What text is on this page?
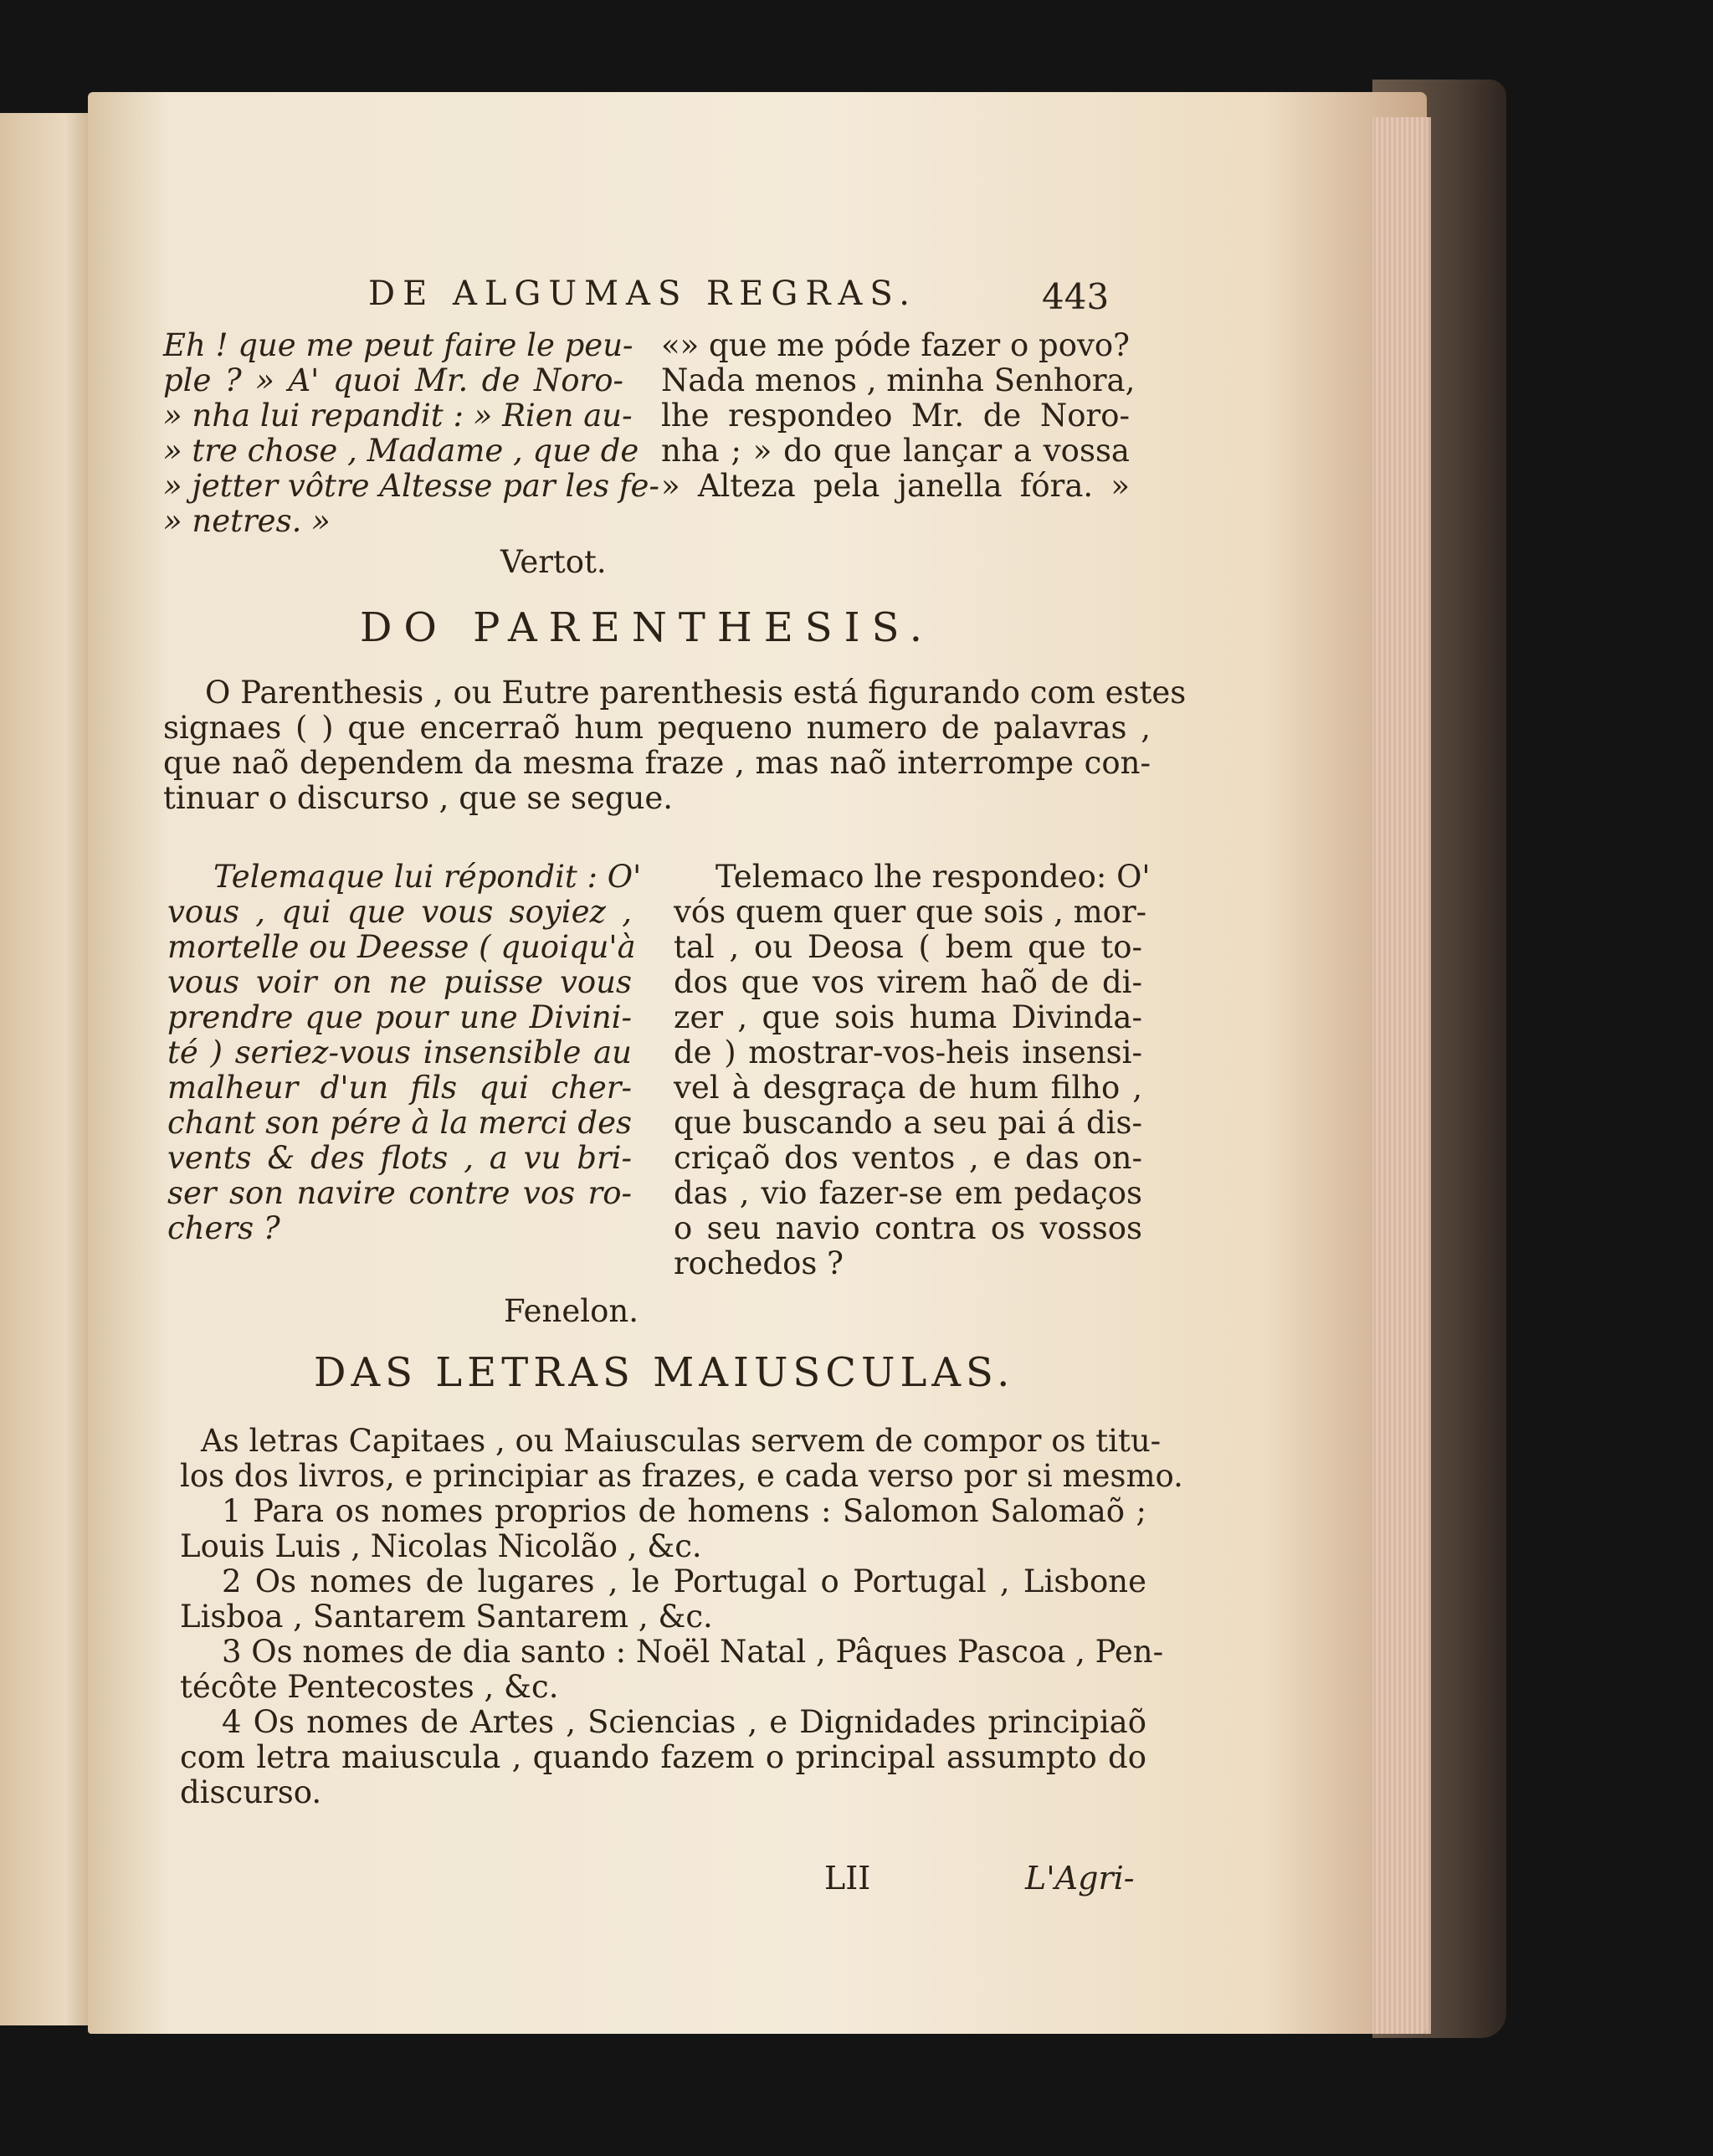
DE ALGUMAS REGRAS.	443
Eh ! que me peut faire le peu-
ple ? » A' quoi Mr. de Noro-
» nha lui repandit : » Rien au-
» tre chose , Madame , que de
» jetter vôtre Altesse par les fe-
» netres. »
«» que me póde fazer o povo?
Nada menos , minha Senhora,
lhe respondeo Mr. de Noro-
nha ; » do que lançar a vossa
» Alteza pela janella fóra. »
Vertot.
DO PARENTHESIS.
O Parenthesis , ou Eutre parenthesis está figurando com estes
signaes ( ) que encerraõ hum pequeno numero de palavras ,
que naõ dependem da mesma fraze , mas naõ interrompe con-
tinuar o discurso , que se segue.
Telemaque lui répondit : O'
vous , qui que vous soyiez ,
mortelle ou Deesse ( quoiqu'à
vous voir on ne puisse vous
prendre que pour une Divini-
té ) seriez-vous insensible au
malheur d'un fils qui cher-
chant son pére à la merci des
vents & des flots , a vu bri-
ser son navire contre vos ro-
chers ?
Telemaco lhe respondeo: O'
vós quem quer que sois , mor-
tal , ou Deosa ( bem que to-
dos que vos virem haõ de di-
zer , que sois huma Divinda-
de ) mostrar-vos-heis insensi-
vel à desgraça de hum filho ,
que buscando a seu pai á dis-
criçaõ dos ventos , e das on-
das , vio fazer-se em pedaços
o seu navio contra os vossos
rochedos ?
Fenelon.
DAS LETRAS MAIUSCULAS.
As letras Capitaes , ou Maiusculas servem de compor os titu-
los dos livros, e principiar as frazes, e cada verso por si mesmo.
1 Para os nomes proprios de homens : Salomon Salomaõ ;
Louis Luis , Nicolas Nicolão , &c.
2 Os nomes de lugares , le Portugal o Portugal , Lisbone
Lisboa , Santarem Santarem , &c.
3 Os nomes de dia santo : Noël Natal , Pâques Pascoa , Pen-
técôte Pentecostes , &c.
4 Os nomes de Artes , Sciencias , e Dignidades principiaõ
com letra maiuscula , quando fazem o principal assumpto do
discurso.
LII	L'Agri-
